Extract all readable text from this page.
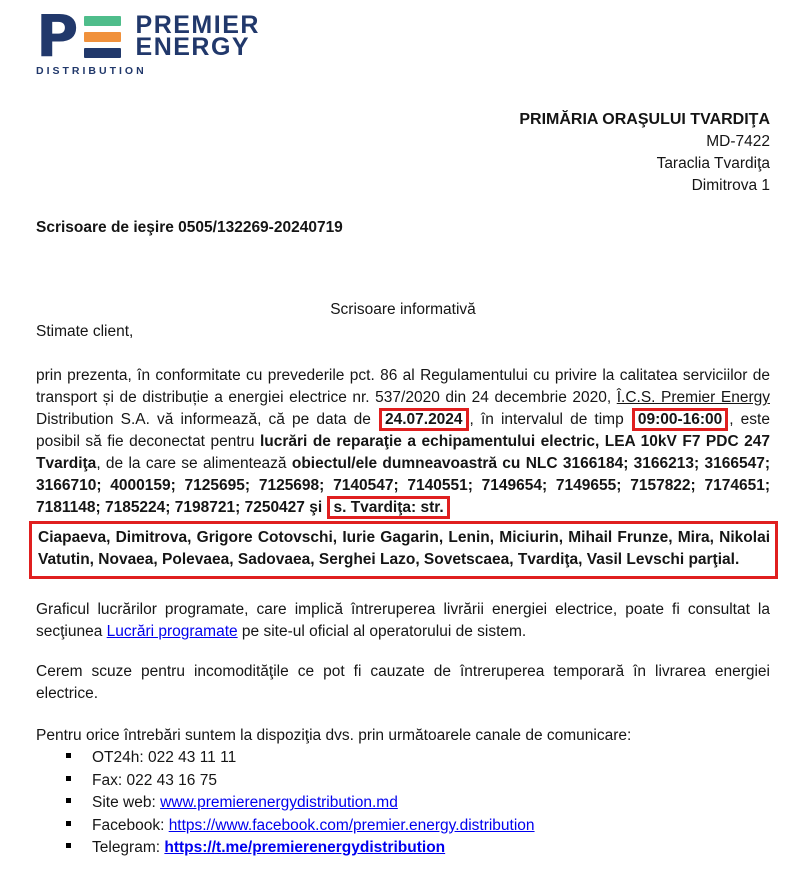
P PREMIER
ENERGY
DISTRIBUTION
PRIMĂRIA ORAŞULUI TVARDIŢA
MD-7422
Taraclia Tvardiţa
Dimitrova 1
Scrisoare de ieşire 0505/132269-20240719
Scrisoare informativă
Stimate client,

prin prezenta, în conformitate cu prevederile pct. 86 al Regulamentului cu privire la calitatea serviciilor de transport și de distribuție a energiei electrice nr. 537/2020 din 24 decembrie 2020, Î.C.S. Premier Energy Distribution S.A. vă informează, că pe data de 24.07.2024 , în intervalul de timp 09:00-16:00 , este posibil să fie deconectat pentru lucrări de reparaţie a echipamentului electric, LEA 10kV F7 PDC 247 Tvardiţa, de la care se alimentează obiectul/ele dumneavoastră cu NLC 3166184; 3166213; 3166547; 3166710; 4000159; 7125695; 7125698; 7140547; 7140551; 7149654; 7149655; 7157822; 7174651; 7181148; 7185224; 7198721; 7250427 şi s. Tvardiţa: str.

Ciapaeva, Dimitrova, Grigore Cotovschi, Iurie Gagarin, Lenin, Miciurin, Mihail Frunze, Mira, Nikolai Vatutin, Novaea, Polevaea, Sadovaea, Serghei Lazo, Sovetscaea, Tvardiţa, Vasil Levschi parţial.

Graficul lucrărilor programate, care implică întreruperea livrării energiei electrice, poate fi consultat la secţiunea Lucrări programate pe site-ul oficial al operatorului de sistem.

Cerem scuze pentru incomodităţile ce pot fi cauzate de întreruperea temporară în livrarea energiei electrice.

Pentru orice întrebări suntem la dispoziţia dvs. prin următoarele canale de comunicare:

OT24h: 022 43 11 11
Fax: 022 43 16 75
Site web: www.premierenergydistribution.md
Facebook: https://www.facebook.com/premier.energy.distribution
Telegram: https://t.me/premierenergydistribution
